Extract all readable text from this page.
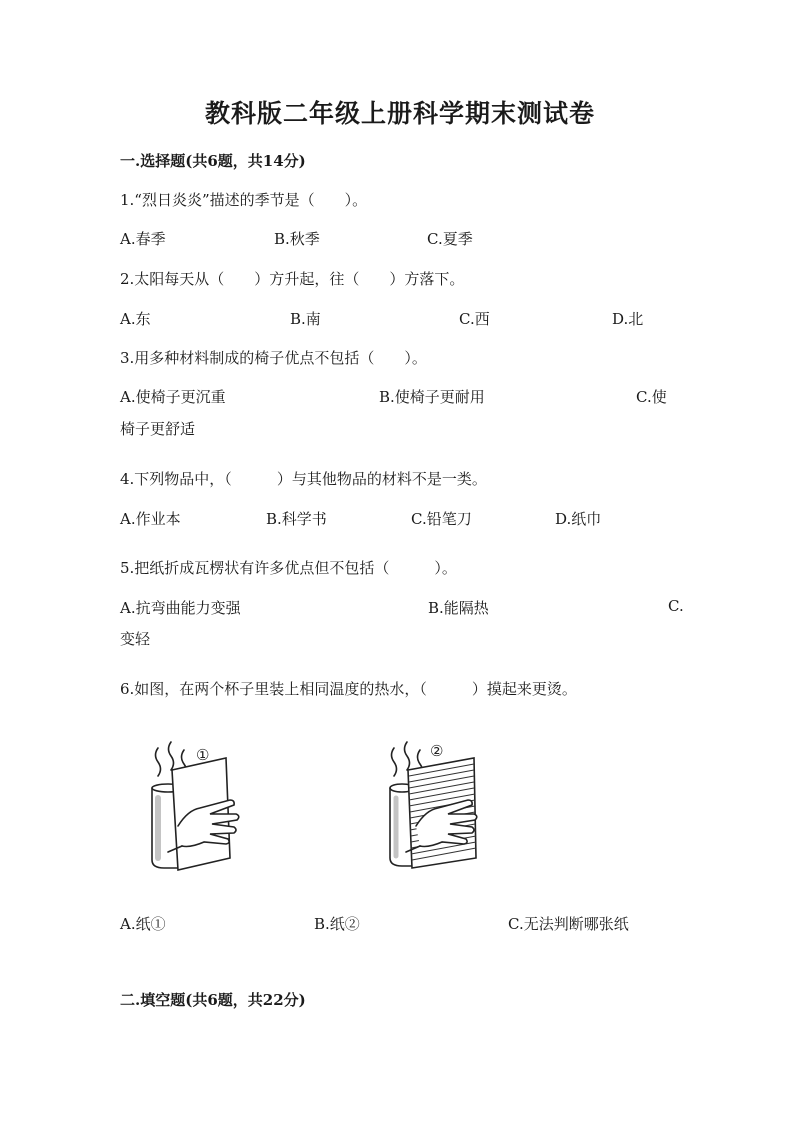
教科版二年级上册科学期末测试卷
一.选择题(共6题，共14分)
1.“烈日炎炎”描述的季节是（　　）。
A.春季	B.秋季	C.夏季
2.太阳每天从（　　）方升起，往（　　）方落下。
A.东	B.南	C.西	D.北
3.用多种材料制成的椅子优点不包括（　　）。
A.使椅子更沉重	B.使椅子更耐用	C.使
椅子更舒适
4.下列物品中，（　　　）与其他物品的材料不是一类。
A.作业本	B.科学书	C.铅笔刀	D.纸巾
5.把纸折成瓦楞状有许多优点但不包括（　　　）。
A.抗弯曲能力变强	B.能隔热	C.
变轻
6.如图，在两个杯子里装上相同温度的热水，（　　　）摸起来更烫。
①	②
A.纸①	B.纸②	C.无法判断哪张纸
二.填空题(共6题，共22分)
